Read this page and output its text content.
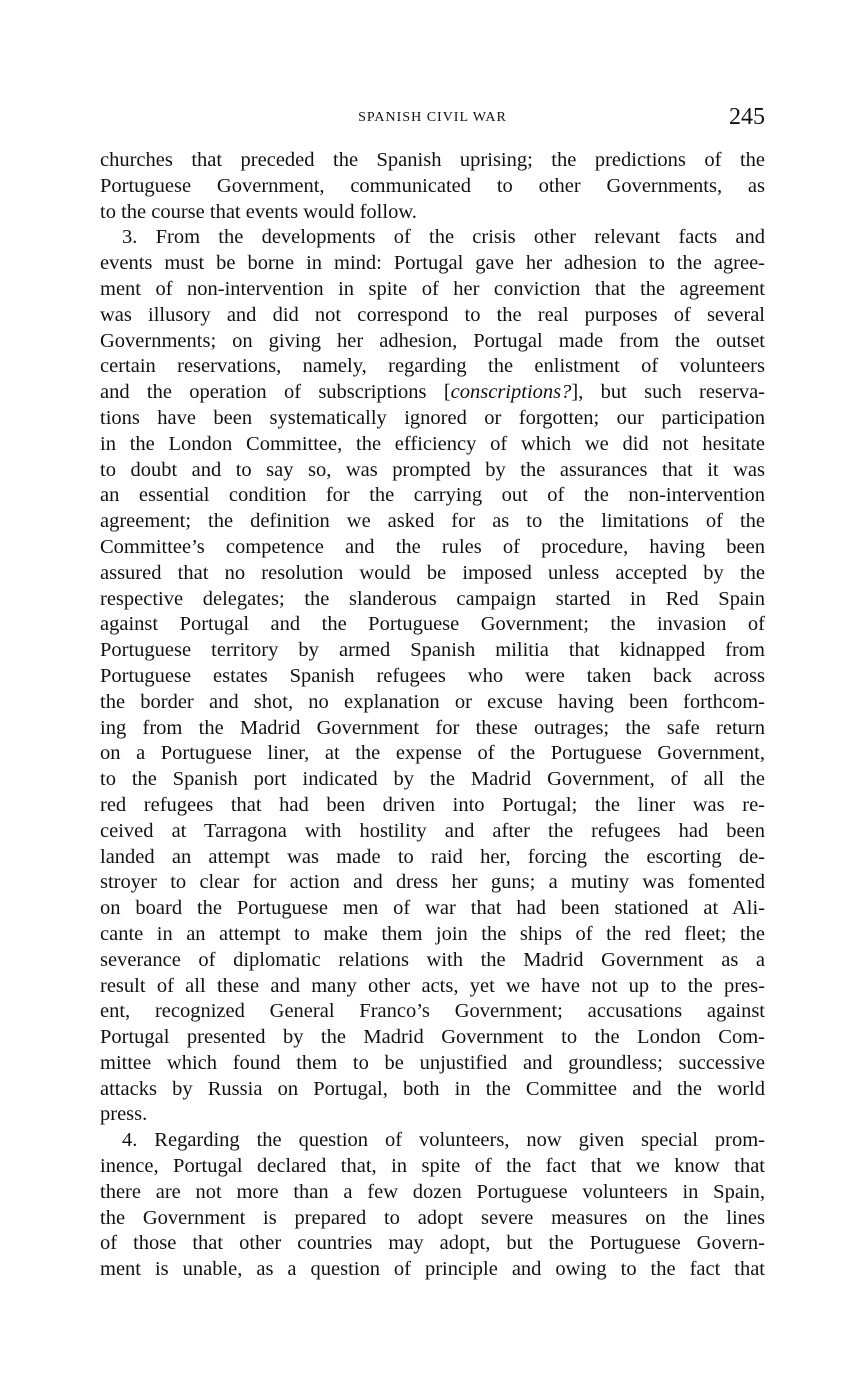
SPANISH CIVIL WAR	245
churches that preceded the Spanish uprising; the predictions of the
Portuguese Government, communicated to other Governments, as
to the course that events would follow.
3. From the developments of the crisis other relevant facts and
events must be borne in mind: Portugal gave her adhesion to the agree-
ment of non-intervention in spite of her conviction that the agreement
was illusory and did not correspond to the real purposes of several
Governments; on giving her adhesion, Portugal made from the outset
certain reservations, namely, regarding the enlistment of volunteers
and the operation of subscriptions [conscriptions?], but such reserva-
tions have been systematically ignored or forgotten; our participation
in the London Committee, the efficiency of which we did not hesitate
to doubt and to say so, was prompted by the assurances that it was
an essential condition for the carrying out of the non-intervention
agreement; the definition we asked for as to the limitations of the
Committee’s competence and the rules of procedure, having been
assured that no resolution would be imposed unless accepted by the
respective delegates; the slanderous campaign started in Red Spain
against Portugal and the Portuguese Government; the invasion of
Portuguese territory by armed Spanish militia that kidnapped from
Portuguese estates Spanish refugees who were taken back across
the border and shot, no explanation or excuse having been forthcom-
ing from the Madrid Government for these outrages; the safe return
on a Portuguese liner, at the expense of the Portuguese Government,
to the Spanish port indicated by the Madrid Government, of all the
red refugees that had been driven into Portugal; the liner was re-
ceived at Tarragona with hostility and after the refugees had been
landed an attempt was made to raid her, forcing the escorting de-
stroyer to clear for action and dress her guns; a mutiny was fomented
on board the Portuguese men of war that had been stationed at Ali-
cante in an attempt to make them join the ships of the red fleet; the
severance of diplomatic relations with the Madrid Government as a
result of all these and many other acts, yet we have not up to the pres-
ent, recognized General Franco’s Government; accusations against
Portugal presented by the Madrid Government to the London Com-
mittee which found them to be unjustified and groundless; successive
attacks by Russia on Portugal, both in the Committee and the world
press.
4. Regarding the question of volunteers, now given special prom-
inence, Portugal declared that, in spite of the fact that we know that
there are not more than a few dozen Portuguese volunteers in Spain,
the Government is prepared to adopt severe measures on the lines
of those that other countries may adopt, but the Portuguese Govern-
ment is unable, as a question of principle and owing to the fact that
